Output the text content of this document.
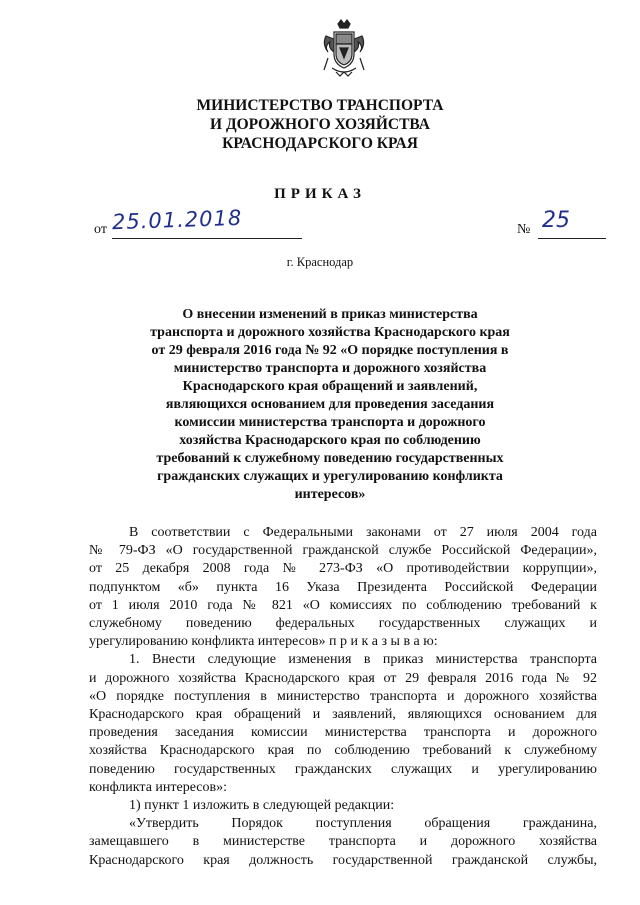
МИНИСТЕРСТВО ТРАНСПОРТА
И ДОРОЖНОГО ХОЗЯЙСТВА
КРАСНОДАРСКОГО КРАЯ
ПРИКАЗ
от 25.01.2018	№ 25
г. Краснодар
О внесении изменений в приказ министерства
транспорта и дорожного хозяйства Краснодарского края
от 29 февраля 2016 года № 92 «О порядке поступления в
министерство транспорта и дорожного хозяйства
Краснодарского края обращений и заявлений,
являющихся основанием для проведения заседания
комиссии министерства транспорта и дорожного
хозяйства Краснодарского края по соблюдению
требований к служебному поведению государственных
гражданских служащих и урегулированию конфликта
интересов»
В соответствии с Федеральными законами от 27 июля 2004 года
№ 79-ФЗ «О государственной гражданской службе Российской Федерации»,
от 25 декабря 2008 года № 273-ФЗ «О противодействии коррупции»,
подпунктом «б» пункта 16 Указа Президента Российской Федерации
от 1 июля 2010 года № 821 «О комиссиях по соблюдению требований к
служебному поведению федеральных государственных служащих и
урегулированию конфликта интересов» п р и к а з ы в а ю:
1. Внести следующие изменения в приказ министерства транспорта
и дорожного хозяйства Краснодарского края от 29 февраля 2016 года № 92
«О порядке поступления в министерство транспорта и дорожного хозяйства
Краснодарского края обращений и заявлений, являющихся основанием для
проведения заседания комиссии министерства транспорта и дорожного
хозяйства Краснодарского края по соблюдению требований к служебному
поведению государственных гражданских служащих и урегулированию
конфликта интересов»:
1) пункт 1 изложить в следующей редакции:
«Утвердить Порядок поступления обращения гражданина,
замещавшего в министерстве транспорта и дорожного хозяйства
Краснодарского края должность государственной гражданской службы,
